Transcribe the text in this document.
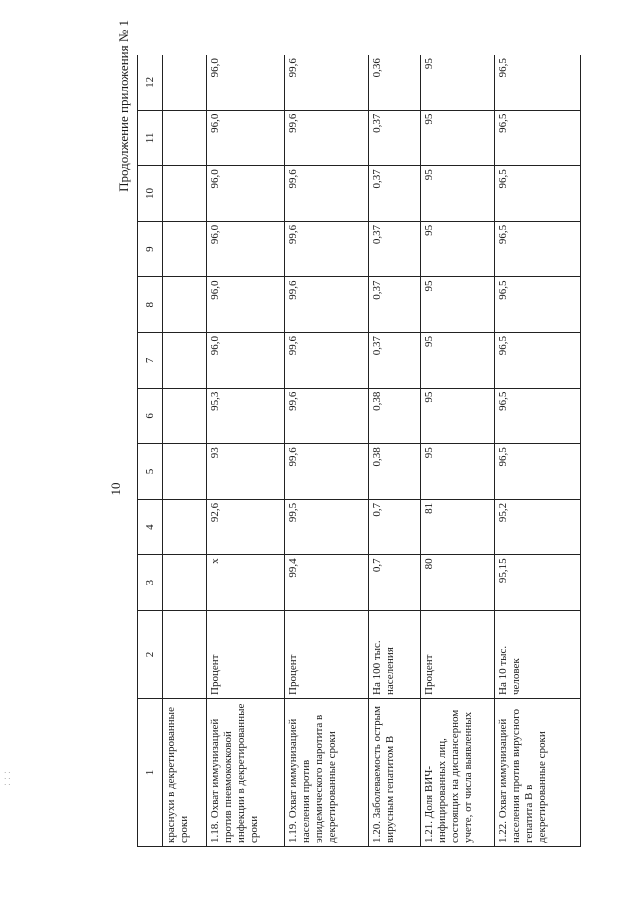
10
Продолжение приложения № 1
1	2	3	4	5	6	7	8	9	10	11	12
краснухи в декретированные сроки											
1.18. Охват иммунизацией против пневмококковой инфекции в декретированные сроки	Процент	х	92,6	93	95,3	96,0	96,0	96,0	96,0	96,0	96,0
1.19. Охват иммунизацией населения против эпидемического паротита в декретированные сроки	Процент	99,4	99,5	99,6	99,6	99,6	99,6	99,6	99,6	99,6	99,6
1.20. Заболеваемость острым вирусным гепатитом В	На 100 тыс. населения	0,7	0,7	0,38	0,38	0,37	0,37	0,37	0,37	0,37	0,36
1.21. Доля ВИЧ-инфицированных лиц, состоящих на диспансерном учете, от числа выявленных	Процент	80	81	95	95	95	95	95	95	95	95
1.22. Охват иммунизацией населения против вирусного гепатита В в декретированные сроки	На 10 тыс. человек	95,15	95,2	96,5	96,5	96,5	96,5	96,5	96,5	96,5	96,5
· · · · · ·
